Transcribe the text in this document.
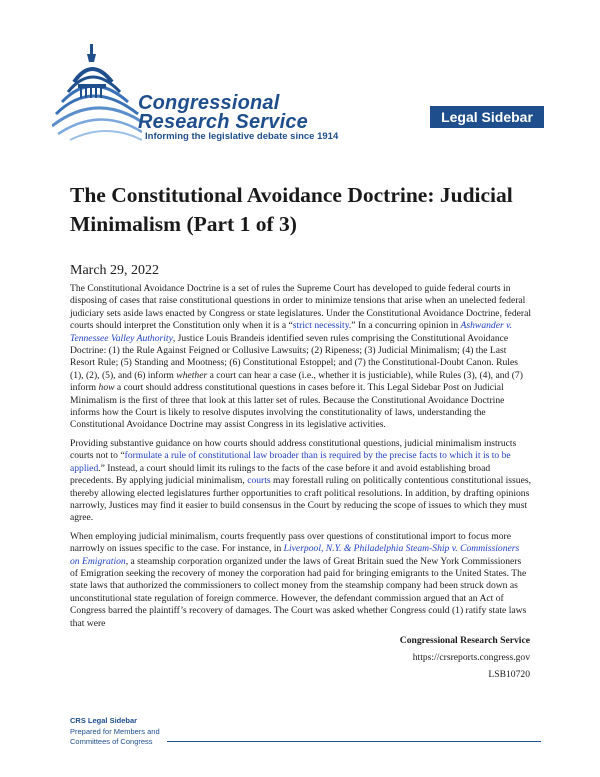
Congressional
Research Service
Informing the legislative debate since 1914
Legal Sidebar
The Constitutional Avoidance Doctrine: Judicial Minimalism (Part 1 of 3)
March 29, 2022

The Constitutional Avoidance Doctrine is a set of rules the Supreme Court has developed to guide federal courts in disposing of cases that raise constitutional questions in order to minimize tensions that arise when an unelected federal judiciary sets aside laws enacted by Congress or state legislatures. Under the Constitutional Avoidance Doctrine, federal courts should interpret the Constitution only when it is a “strict necessity.” In a concurring opinion in Ashwander v. Tennessee Valley Authority, Justice Louis Brandeis identified seven rules comprising the Constitutional Avoidance Doctrine: (1) the Rule Against Feigned or Collusive Lawsuits; (2) Ripeness; (3) Judicial Minimalism; (4) the Last Resort Rule; (5) Standing and Mootness; (6) Constitutional Estoppel; and (7) the Constitutional-Doubt Canon. Rules (1), (2), (5), and (6) inform whether a court can hear a case (i.e., whether it is justiciable), while Rules (3), (4), and (7) inform how a court should address constitutional questions in cases before it. This Legal Sidebar Post on Judicial Minimalism is the first of three that look at this latter set of rules. Because the Constitutional Avoidance Doctrine informs how the Court is likely to resolve disputes involving the constitutionality of laws, understanding the Constitutional Avoidance Doctrine may assist Congress in its legislative activities.

Providing substantive guidance on how courts should address constitutional questions, judicial minimalism instructs courts not to “formulate a rule of constitutional law broader than is required by the precise facts to which it is to be applied.” Instead, a court should limit its rulings to the facts of the case before it and avoid establishing broad precedents. By applying judicial minimalism, courts may forestall ruling on politically contentious constitutional issues, thereby allowing elected legislatures further opportunities to craft political resolutions. In addition, by drafting opinions narrowly, Justices may find it easier to build consensus in the Court by reducing the scope of issues to which they must agree.

When employing judicial minimalism, courts frequently pass over questions of constitutional import to focus more narrowly on issues specific to the case. For instance, in Liverpool, N.Y. & Philadelphia Steam-Ship v. Commissioners on Emigration, a steamship corporation organized under the laws of Great Britain sued the New York Commissioners of Emigration seeking the recovery of money the corporation had paid for bringing emigrants to the United States. The state laws that authorized the commissioners to collect money from the steamship company had been struck down as unconstitutional state regulation of foreign commerce. However, the defendant commission argued that an Act of Congress barred the plaintiff’s recovery of damages. The Court was asked whether Congress could (1) ratify state laws that were

Congressional Research Service
https://crsreports.congress.gov
LSB10720
CRS Legal Sidebar
Prepared for Members and
Committees of Congress
